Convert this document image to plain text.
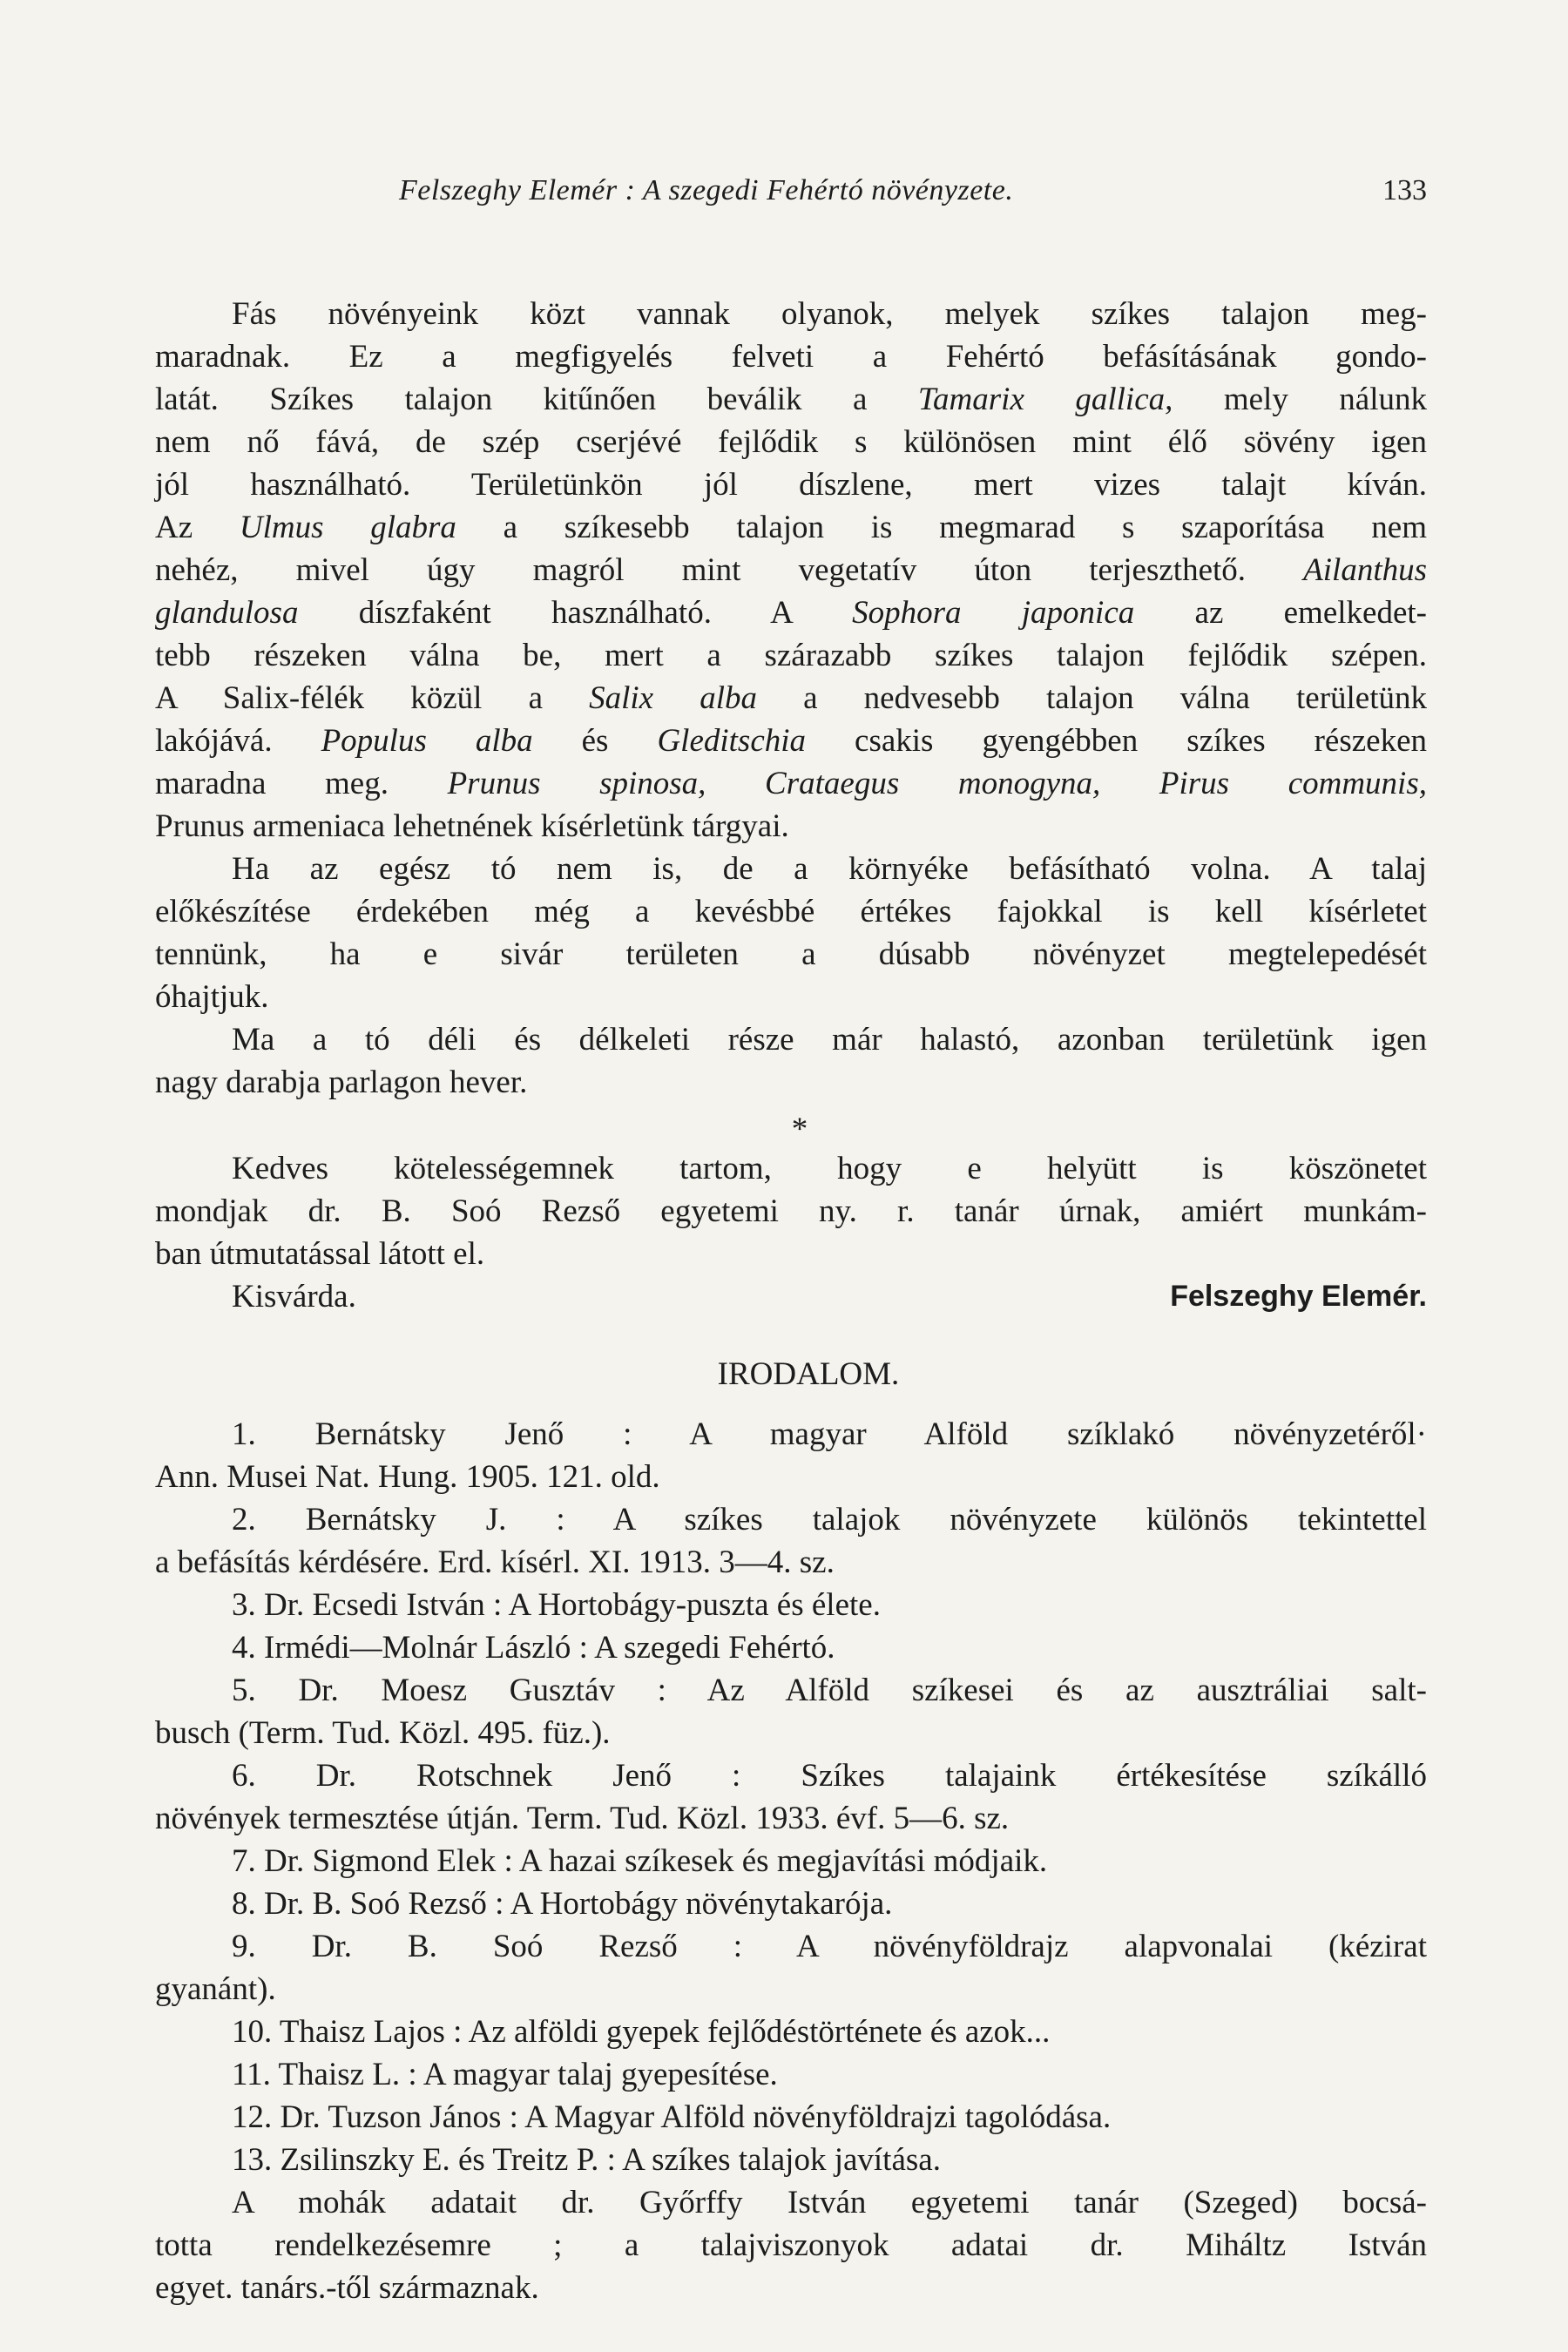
Felszeghy Elemér : A szegedi Fehértó növényzete.	133
Fás növényeink közt vannak olyanok, melyek szíkes talajon meg-
maradnak. Ez a megfigyelés felveti a Fehértó befásításának gondo-
latát. Szíkes talajon kitűnően beválik a Tamarix gallica, mely nálunk
nem nő fává, de szép cserjévé fejlődik s különösen mint élő sövény igen
jól használható. Területünkön jól díszlene, mert vizes talajt kíván.
Az Ulmus glabra a szíkesebb talajon is megmarad s szaporítása nem
nehéz, mivel úgy magról mint vegetatív úton terjeszthető. Ailanthus
glandulosa díszfaként használható. A Sophora japonica az emelkedet-
tebb részeken válna be, mert a szárazabb szíkes talajon fejlődik szépen.
A Salix-félék közül a Salix alba a nedvesebb talajon válna területünk
lakójává. Populus alba és Gleditschia csakis gyengébben szíkes részeken
maradna meg. Prunus spinosa, Crataegus monogyna, Pirus communis,
Prunus armeniaca lehetnének kísérletünk tárgyai.
Ha az egész tó nem is, de a környéke befásítható volna. A talaj
előkészítése érdekében még a kevésbbé értékes fajokkal is kell kísérletet
tennünk, ha e sivár területen a dúsabb növényzet megtelepedését
óhajtjuk.
Ma a tó déli és délkeleti része már halastó, azonban területünk igen
nagy darabja parlagon hever.
*
Kedves kötelességemnek tartom, hogy e helyütt is köszönetet
mondjak dr. B. Soó Rezső egyetemi ny. r. tanár úrnak, amiért munkám-
ban útmutatással látott el.
Kisvárda.	Felszeghy Elemér.
IRODALOM.
1. Bernátsky Jenő : A magyar Alföld szíklakó növényzetéről·
Ann. Musei Nat. Hung. 1905. 121. old.
2. Bernátsky J. : A szíkes talajok növényzete különös tekintettel
a befásítás kérdésére. Erd. kísérl. XI. 1913. 3—4. sz.
3. Dr. Ecsedi István : A Hortobágy-puszta és élete.
4. Irmédi—Molnár László : A szegedi Fehértó.
5. Dr. Moesz Gusztáv : Az Alföld szíkesei és az ausztráliai salt-
busch (Term. Tud. Közl. 495. füz.).
6. Dr. Rotschnek Jenő : Szíkes talajaink értékesítése szíkálló
növények termesztése útján. Term. Tud. Közl. 1933. évf. 5—6. sz.
7. Dr. Sigmond Elek : A hazai szíkesek és megjavítási módjaik.
8. Dr. B. Soó Rezső : A Hortobágy növénytakarója.
9. Dr. B. Soó Rezső : A növényföldrajz alapvonalai (kézirat
gyanánt).
10. Thaisz Lajos : Az alföldi gyepek fejlődéstörténete és azok...
11. Thaisz L. : A magyar talaj gyepesítése.
12. Dr. Tuzson János : A Magyar Alföld növényföldrajzi tagolódása.
13. Zsilinszky E. és Treitz P. : A szíkes talajok javítása.
A mohák adatait dr. Győrffy István egyetemi tanár (Szeged) bocsá-
totta rendelkezésemre ; a talajviszonyok adatai dr. Miháltz István
egyet. tanárs.-től származnak.
